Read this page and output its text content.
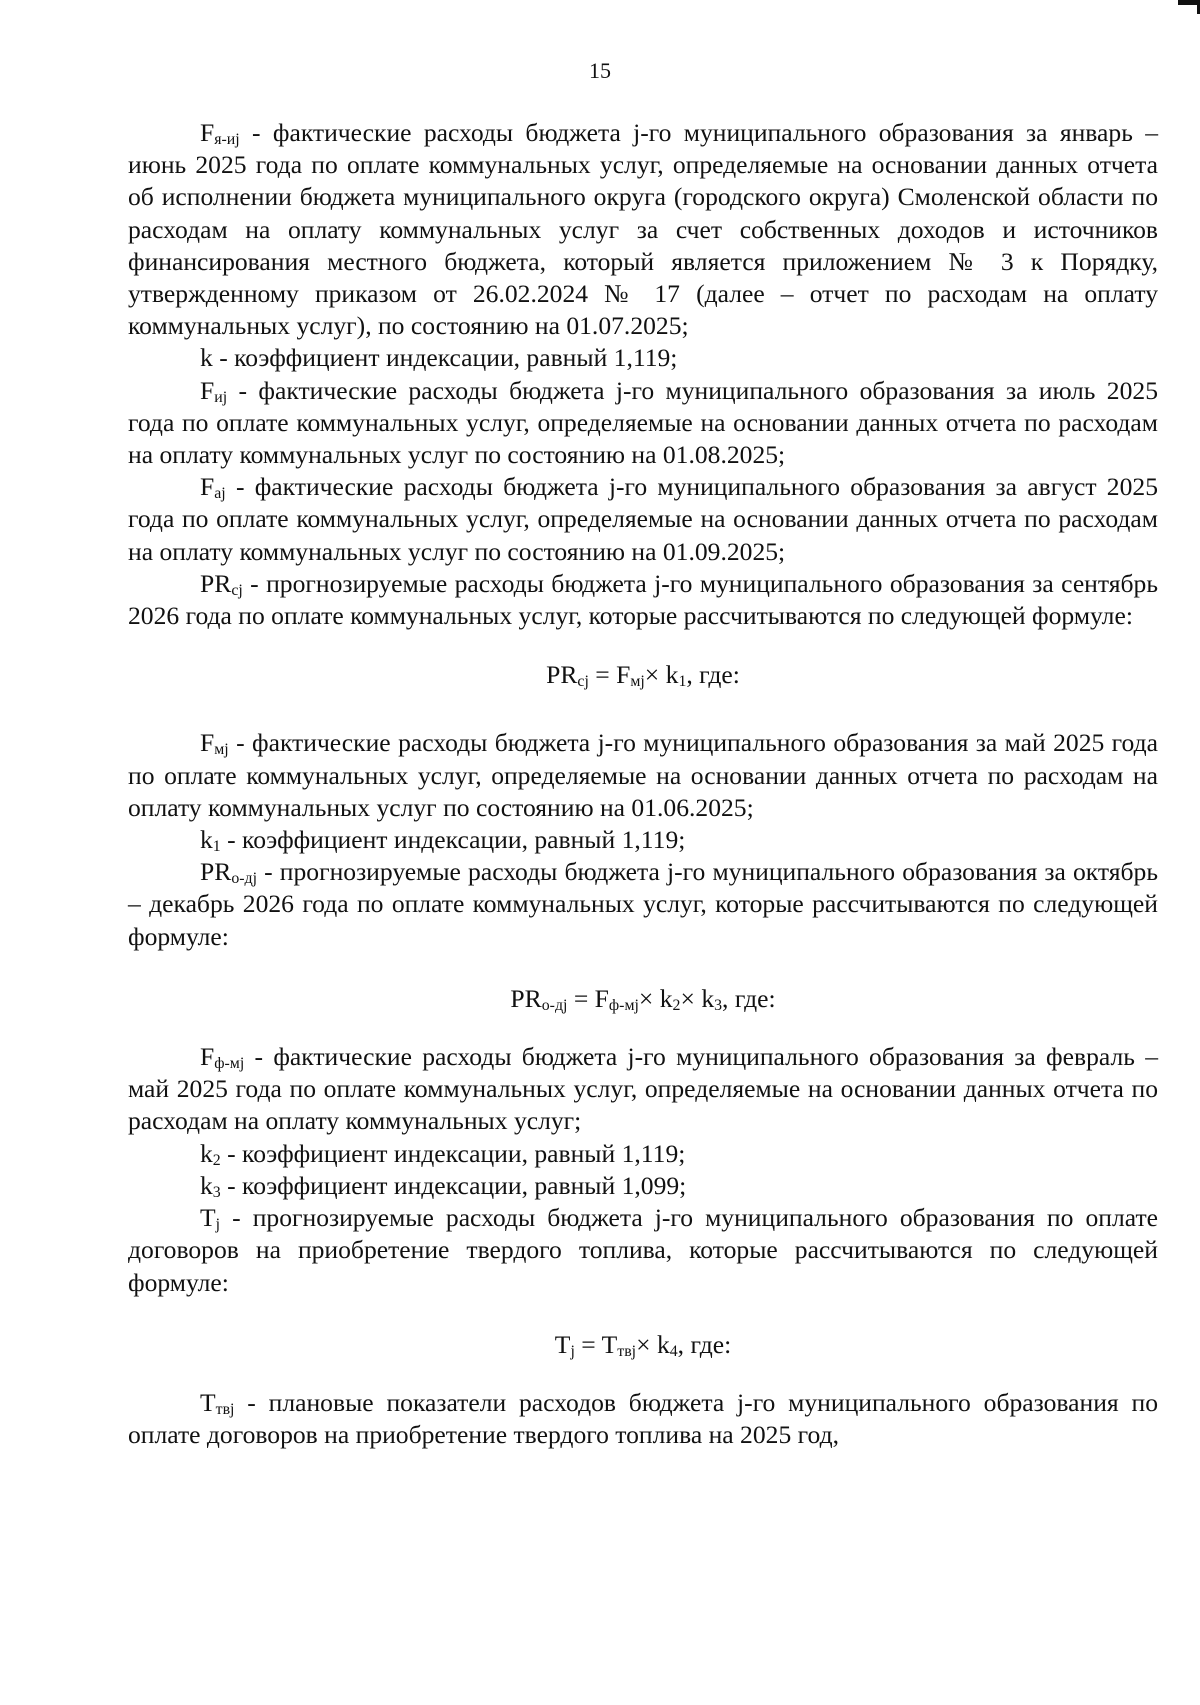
15

Fя-иj - фактические расходы бюджета j-го муниципального образования за январь – июнь 2025 года по оплате коммунальных услуг, определяемые на основании данных отчета об исполнении бюджета муниципального округа (городского округа) Смоленской области по расходам на оплату коммунальных услуг за счет собственных доходов и источников финансирования местного бюджета, который является приложением № 3 к Порядку, утвержденному приказом от 26.02.2024 № 17 (далее – отчет по расходам на оплату коммунальных услуг), по состоянию на 01.07.2025;

k - коэффициент индексации, равный 1,119;

Fиj - фактические расходы бюджета j-го муниципального образования за июль 2025 года по оплате коммунальных услуг, определяемые на основании данных отчета по расходам на оплату коммунальных услуг по состоянию на 01.08.2025;

Fаj - фактические расходы бюджета j-го муниципального образования за август 2025 года по оплате коммунальных услуг, определяемые на основании данных отчета по расходам на оплату коммунальных услуг по состоянию на 01.09.2025;

PRcj - прогнозируемые расходы бюджета j-го муниципального образования за сентябрь 2026 года по оплате коммунальных услуг, которые рассчитываются по следующей формуле:

PRcj = Fмj× k1, где:

Fмj - фактические расходы бюджета j-го муниципального образования за май 2025 года по оплате коммунальных услуг, определяемые на основании данных отчета по расходам на оплату коммунальных услуг по состоянию на 01.06.2025;

k1 - коэффициент индексации, равный 1,119;

PRо-дj - прогнозируемые расходы бюджета j-го муниципального образования за октябрь – декабрь 2026 года по оплате коммунальных услуг, которые рассчитываются по следующей формуле:

PRо-дj = Fф-мj× k2× k3, где:

Fф-мj - фактические расходы бюджета j-го муниципального образования за февраль – май 2025 года по оплате коммунальных услуг, определяемые на основании данных отчета по расходам на оплату коммунальных услуг;

k2 - коэффициент индексации, равный 1,119;

k3 - коэффициент индексации, равный 1,099;

Tj - прогнозируемые расходы бюджета j-го муниципального образования по оплате договоров на приобретение твердого топлива, которые рассчитываются по следующей формуле:

Tj = Tтвj× k4, где:

Tтвj - плановые показатели расходов бюджета j-го муниципального образования по оплате договоров на приобретение твердого топлива на 2025 год,
